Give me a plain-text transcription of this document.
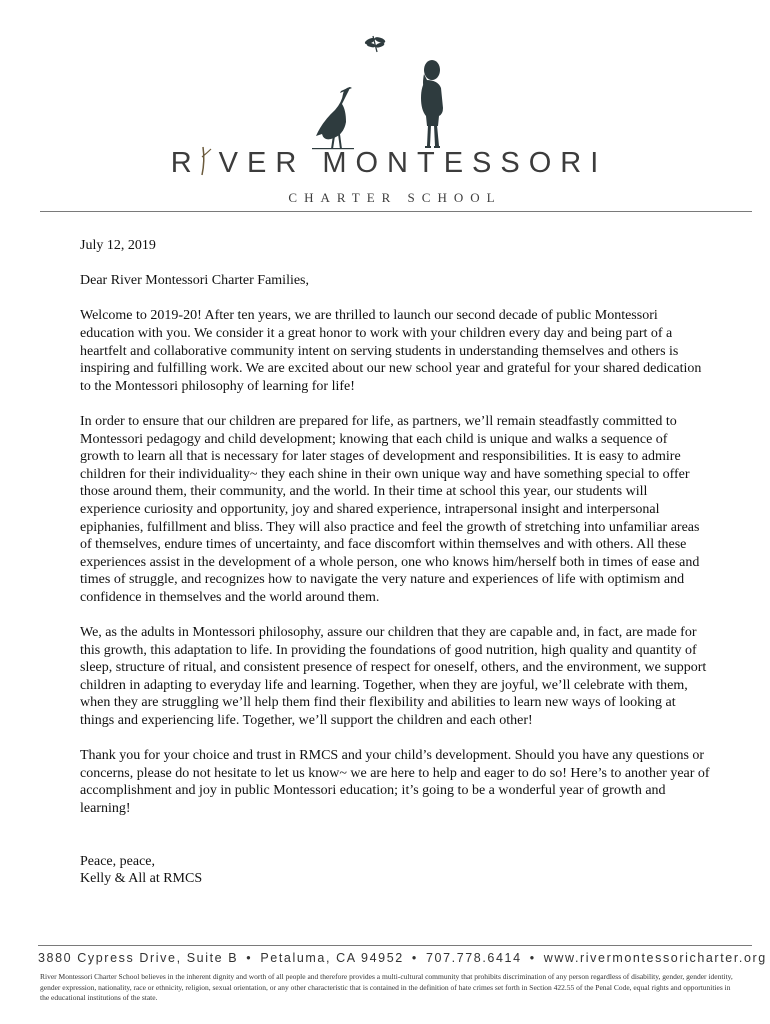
R VER MONTESSORI
CHARTER SCHOOL

July 12, 2019

Dear River Montessori Charter Families,

Welcome to 2019-20! After ten years, we are thrilled to launch our second decade of public Montessori education with you. We consider it a great honor to work with your children every day and being part of a heartfelt and collaborative community intent on serving students in understanding themselves and others is inspiring and fulfilling work. We are excited about our new school year and grateful for your shared dedication to the Montessori philosophy of learning for life!

In order to ensure that our children are prepared for life, as partners, we’ll remain steadfastly committed to Montessori pedagogy and child development; knowing that each child is unique and walks a sequence of growth to learn all that is necessary for later stages of development and responsibilities. It is easy to admire children for their individuality~ they each shine in their own unique way and have something special to offer those around them, their community, and the world. In their time at school this year, our students will experience curiosity and opportunity, joy and shared experience, intrapersonal insight and interpersonal epiphanies, fulfillment and bliss. They will also practice and feel the growth of stretching into unfamiliar areas of themselves, endure times of uncertainty, and face discomfort within themselves and with others. All these experiences assist in the development of a whole person, one who knows him/herself both in times of ease and times of struggle, and recognizes how to navigate the very nature and experiences of life with optimism and confidence in themselves and the world around them.

We, as the adults in Montessori philosophy, assure our children that they are capable and, in fact, are made for this growth, this adaptation to life. In providing the foundations of good nutrition, high quality and quantity of sleep, structure of ritual, and consistent presence of respect for oneself, others, and the environment, we support children in adapting to everyday life and learning. Together, when they are joyful, we’ll celebrate with them, when they are struggling we’ll help them find their flexibility and abilities to learn new ways of looking at things and experiencing life. Together, we’ll support the children and each other!

Thank you for your choice and trust in RMCS and your child’s development. Should you have any questions or concerns, please do not hesitate to let us know~ we are here to help and eager to do so! Here’s to another year of accomplishment and joy in public Montessori education; it’s going to be a wonderful year of growth and learning!

Peace, peace,

Kelly & All at RMCS

3880 Cypress Drive, Suite B • Petaluma, CA 94952 • 707.778.6414 • www.rivermontessoricharter.org
River Montessori Charter School believes in the inherent dignity and worth of all people and therefore provides a multi-cultural community that prohibits discrimination of any person regardless of disability, gender, gender identity, gender expression, nationality, race or ethnicity, religion, sexual orientation, or any other characteristic that is contained in the definition of hate crimes set forth in Section 422.55 of the Penal Code, equal rights and opportunities in the educational institutions of the state.
